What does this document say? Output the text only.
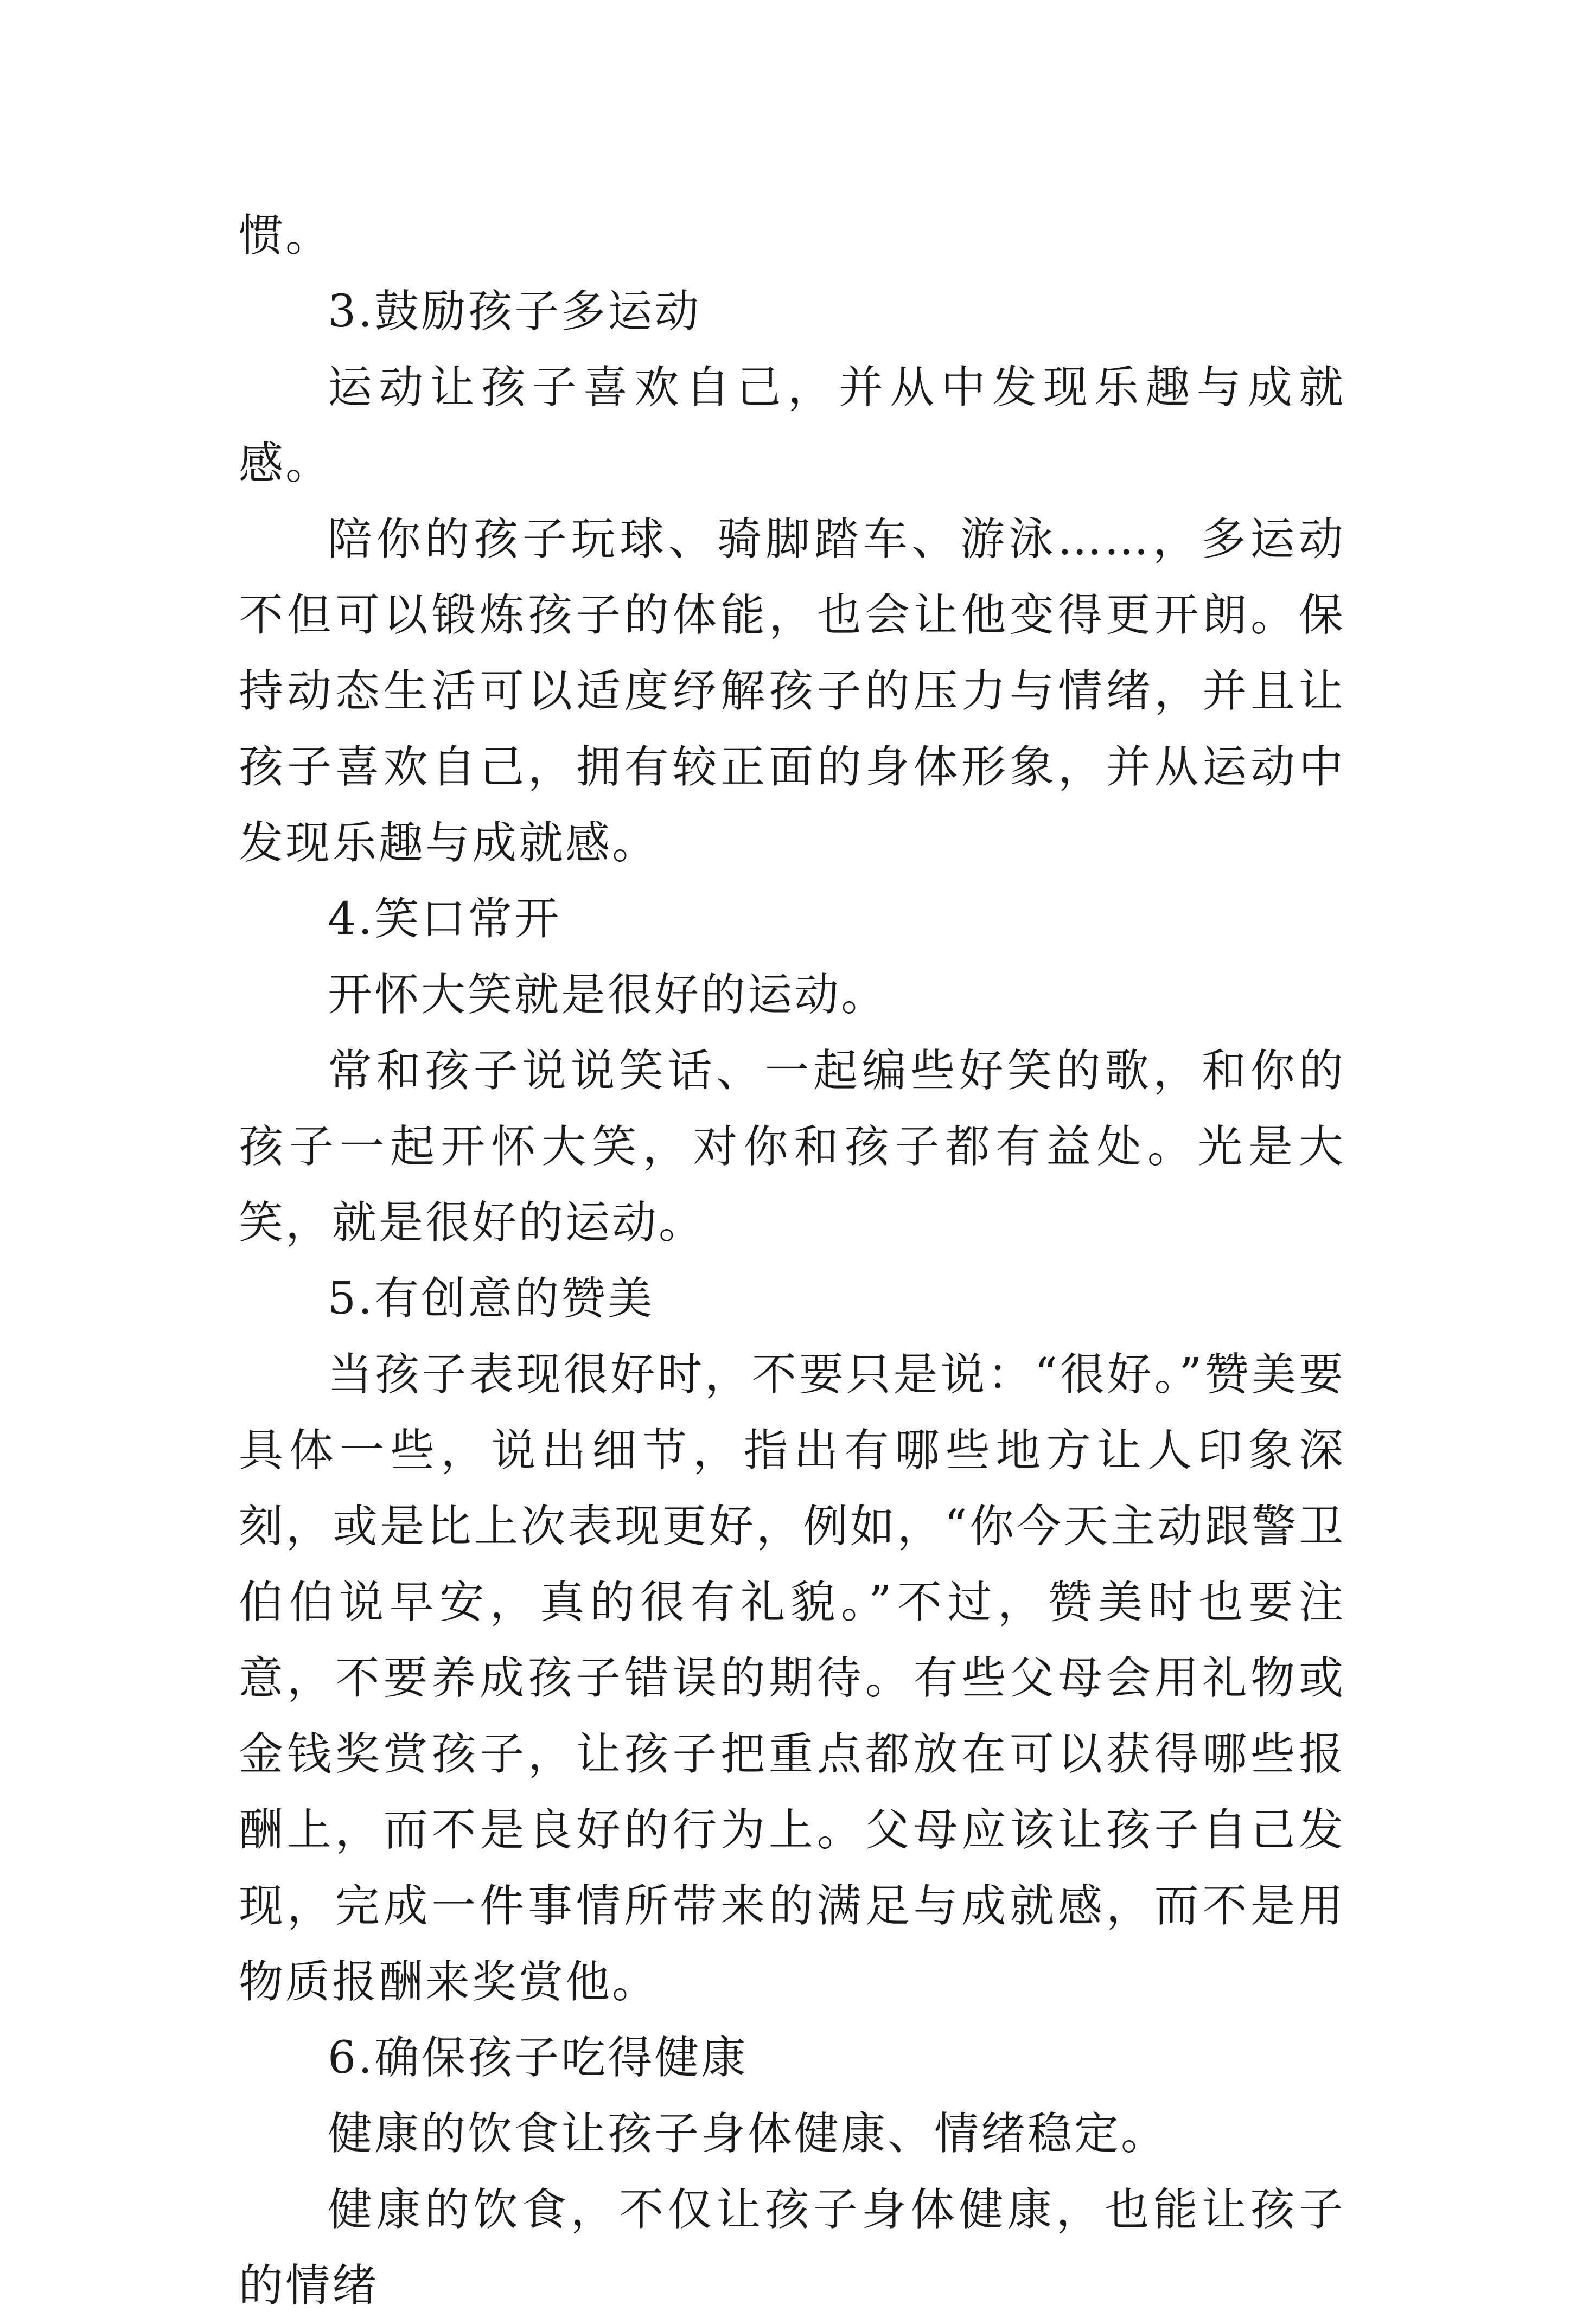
惯。

3.鼓励孩子多运动

运动让孩子喜欢自己，并从中发现乐趣与成就感。

陪你的孩子玩球、骑脚踏车、游泳……，多运动不但可以锻炼孩子的体能，也会让他变得更开朗。保持动态生活可以适度纾解孩子的压力与情绪，并且让孩子喜欢自己，拥有较正面的身体形象，并从运动中发现乐趣与成就感。

4.笑口常开

开怀大笑就是很好的运动。

常和孩子说说笑话、一起编些好笑的歌，和你的孩子一起开怀大笑，对你和孩子都有益处。光是大笑，就是很好的运动。

5.有创意的赞美

当孩子表现很好时，不要只是说：“很好。”赞美要具体一些，说出细节，指出有哪些地方让人印象深刻，或是比上次表现更好，例如，“你今天主动跟警卫伯伯说早安，真的很有礼貌。”不过，赞美时也要注意，不要养成孩子错误的期待。有些父母会用礼物或金钱奖赏孩子，让孩子把重点都放在可以获得哪些报酬上，而不是良好的行为上。父母应该让孩子自己发现，完成一件事情所带来的满足与成就感，而不是用物质报酬来奖赏他。

6.确保孩子吃得健康

健康的饮食让孩子身体健康、情绪稳定。

健康的饮食，不仅让孩子身体健康，也能让孩子的情绪
